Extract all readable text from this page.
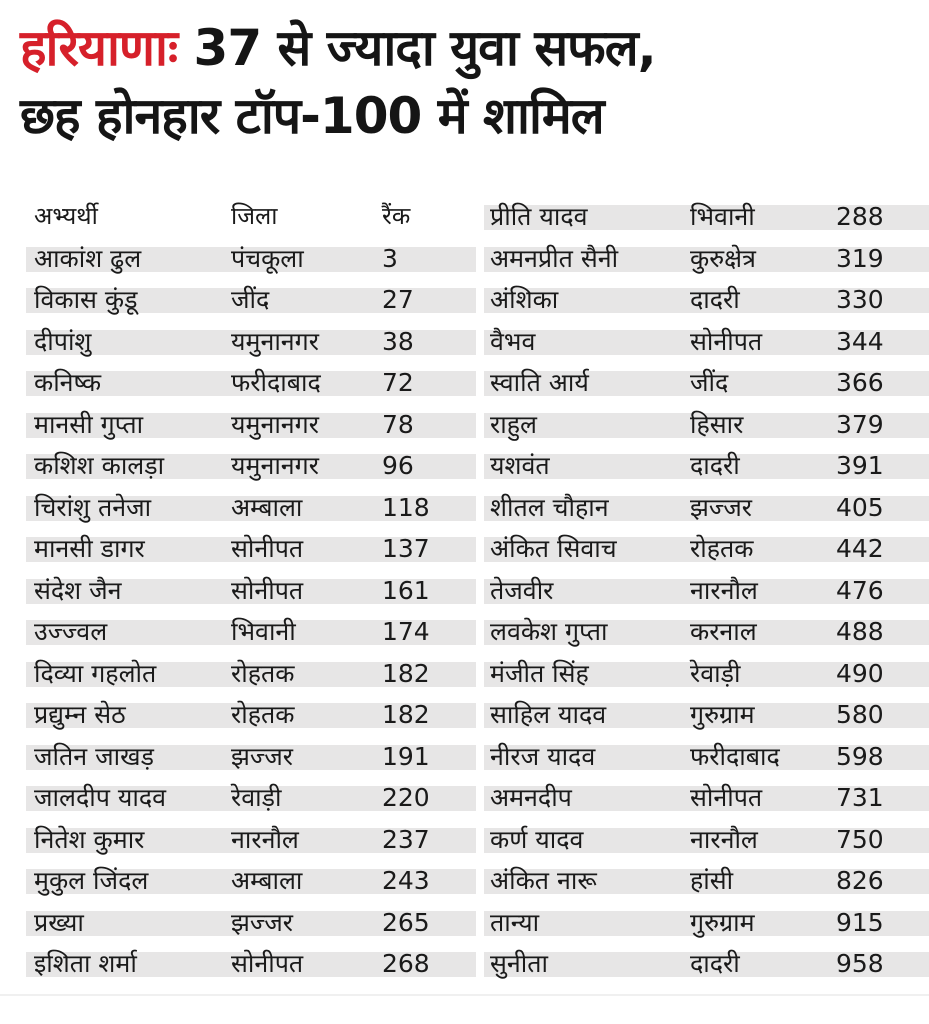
हरियाणा 37 से ज्यादा युवा सफल,
छह होनहार टॉप-100 में शामिल
अभ्यर्थी	जिला	रैंक
आकांश ढुल	पंचकूला	3
विकास कुंडू	जींद	27
दीपांशु	यमुनानगर	38
कनिष्क	फरीदाबाद 72
मानसी गुप्ता	यमुनानगर	78
कशिश कालड़ा	यमुनानगर	96
चिरांशु तनेजा	अम्बाला	118
मानसी डागर	सोनीपत	137
संदेश जैन	सोनीपत	161
उज्ज्वल	भिवानी	174
दिव्या गहलोत	रोहतक	182
प्रद्युम्न सेठ	रोहतक	182
जतिन जाखड़	झज्जर	191
जालदीप यादव	रेवाड़ी	220
नितेश कुमार	नारनौल	237
मुकुल जिंदल	अम्बाला	243
प्रख्या	झज्जर	265
इशिता शर्मा	सोनीपत	268
प्रीति यादव	भिवानी	288
अमनप्रीत सैनी	कुरुक्षेत्र	319
अंशिका	दादरी	330
वैभव	सोनीपत	344
स्वाति आर्य	जींद	366
राहुल	हिसार	379
यशवंत	दादरी	391
शीतल चौहान	झज्जर	405
अंकित सिवाच	रोहतक	442
तेजवीर	नारनौल	476
लवकेश गुप्ता	करनाल	488
मंजीत सिंह	रेवाड़ी	490
साहिल यादव	गुरुग्राम	580
नीरज यादव	फरीदाबाद 598
अमनदीप	सोनीपत	731
कर्ण यादव	नारनौल	750
अंकित नारू	हांसी	826
तान्या	गुरुग्राम	915
सुनीता	दादरी	958
